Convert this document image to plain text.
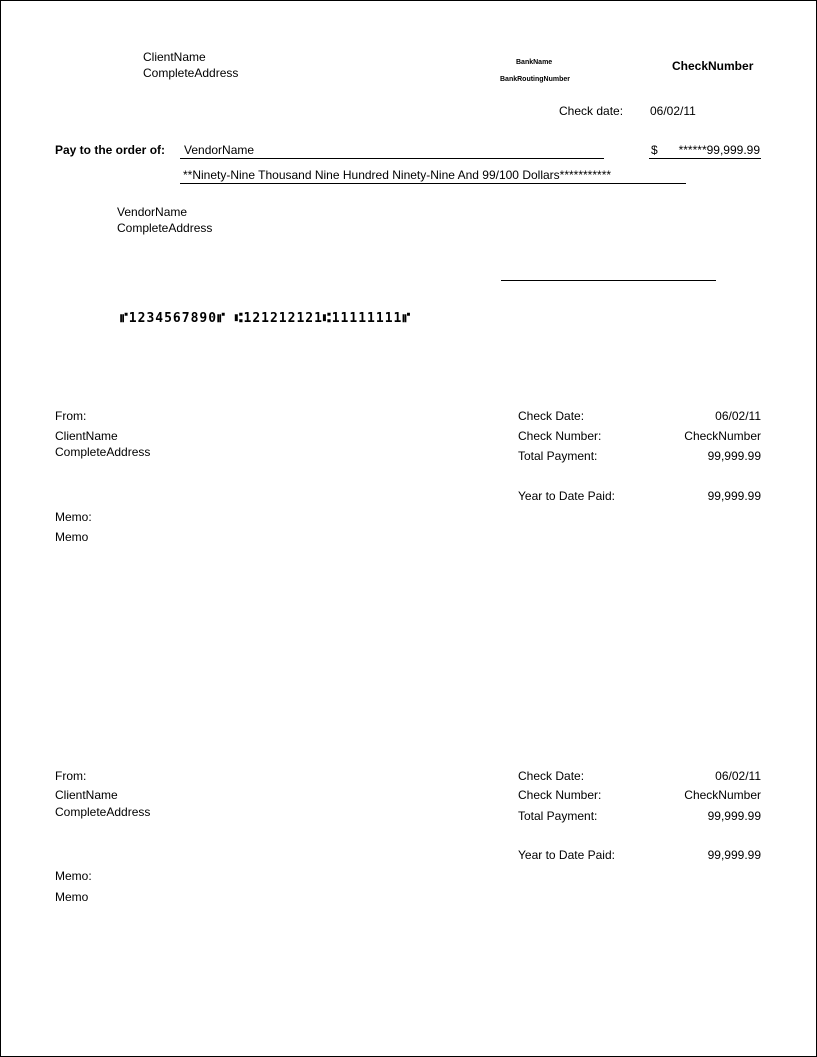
ClientName
CompleteAddress
BankName
BankRoutingNumber
CheckNumber
Check date: 06/02/11
Pay to the order of: VendorName	$	******99,999.99
**Ninety-Nine Thousand Nine Hundred Ninety-Nine And 99/100 Dollars***********
VendorName
CompleteAddress
⑈1234567890⑈ ⑆121212121⑆11111111⑈
From:
ClientName
CompleteAddress
Memo:
Memo
Check Date:	06/02/11
Check Number:	CheckNumber
Total Payment:	99,999.99
Year to Date Paid:	99,999.99
From:
ClientName
CompleteAddress
Memo:
Memo
Check Date:	06/02/11
Check Number:	CheckNumber
Total Payment:	99,999.99
Year to Date Paid:	99,999.99
